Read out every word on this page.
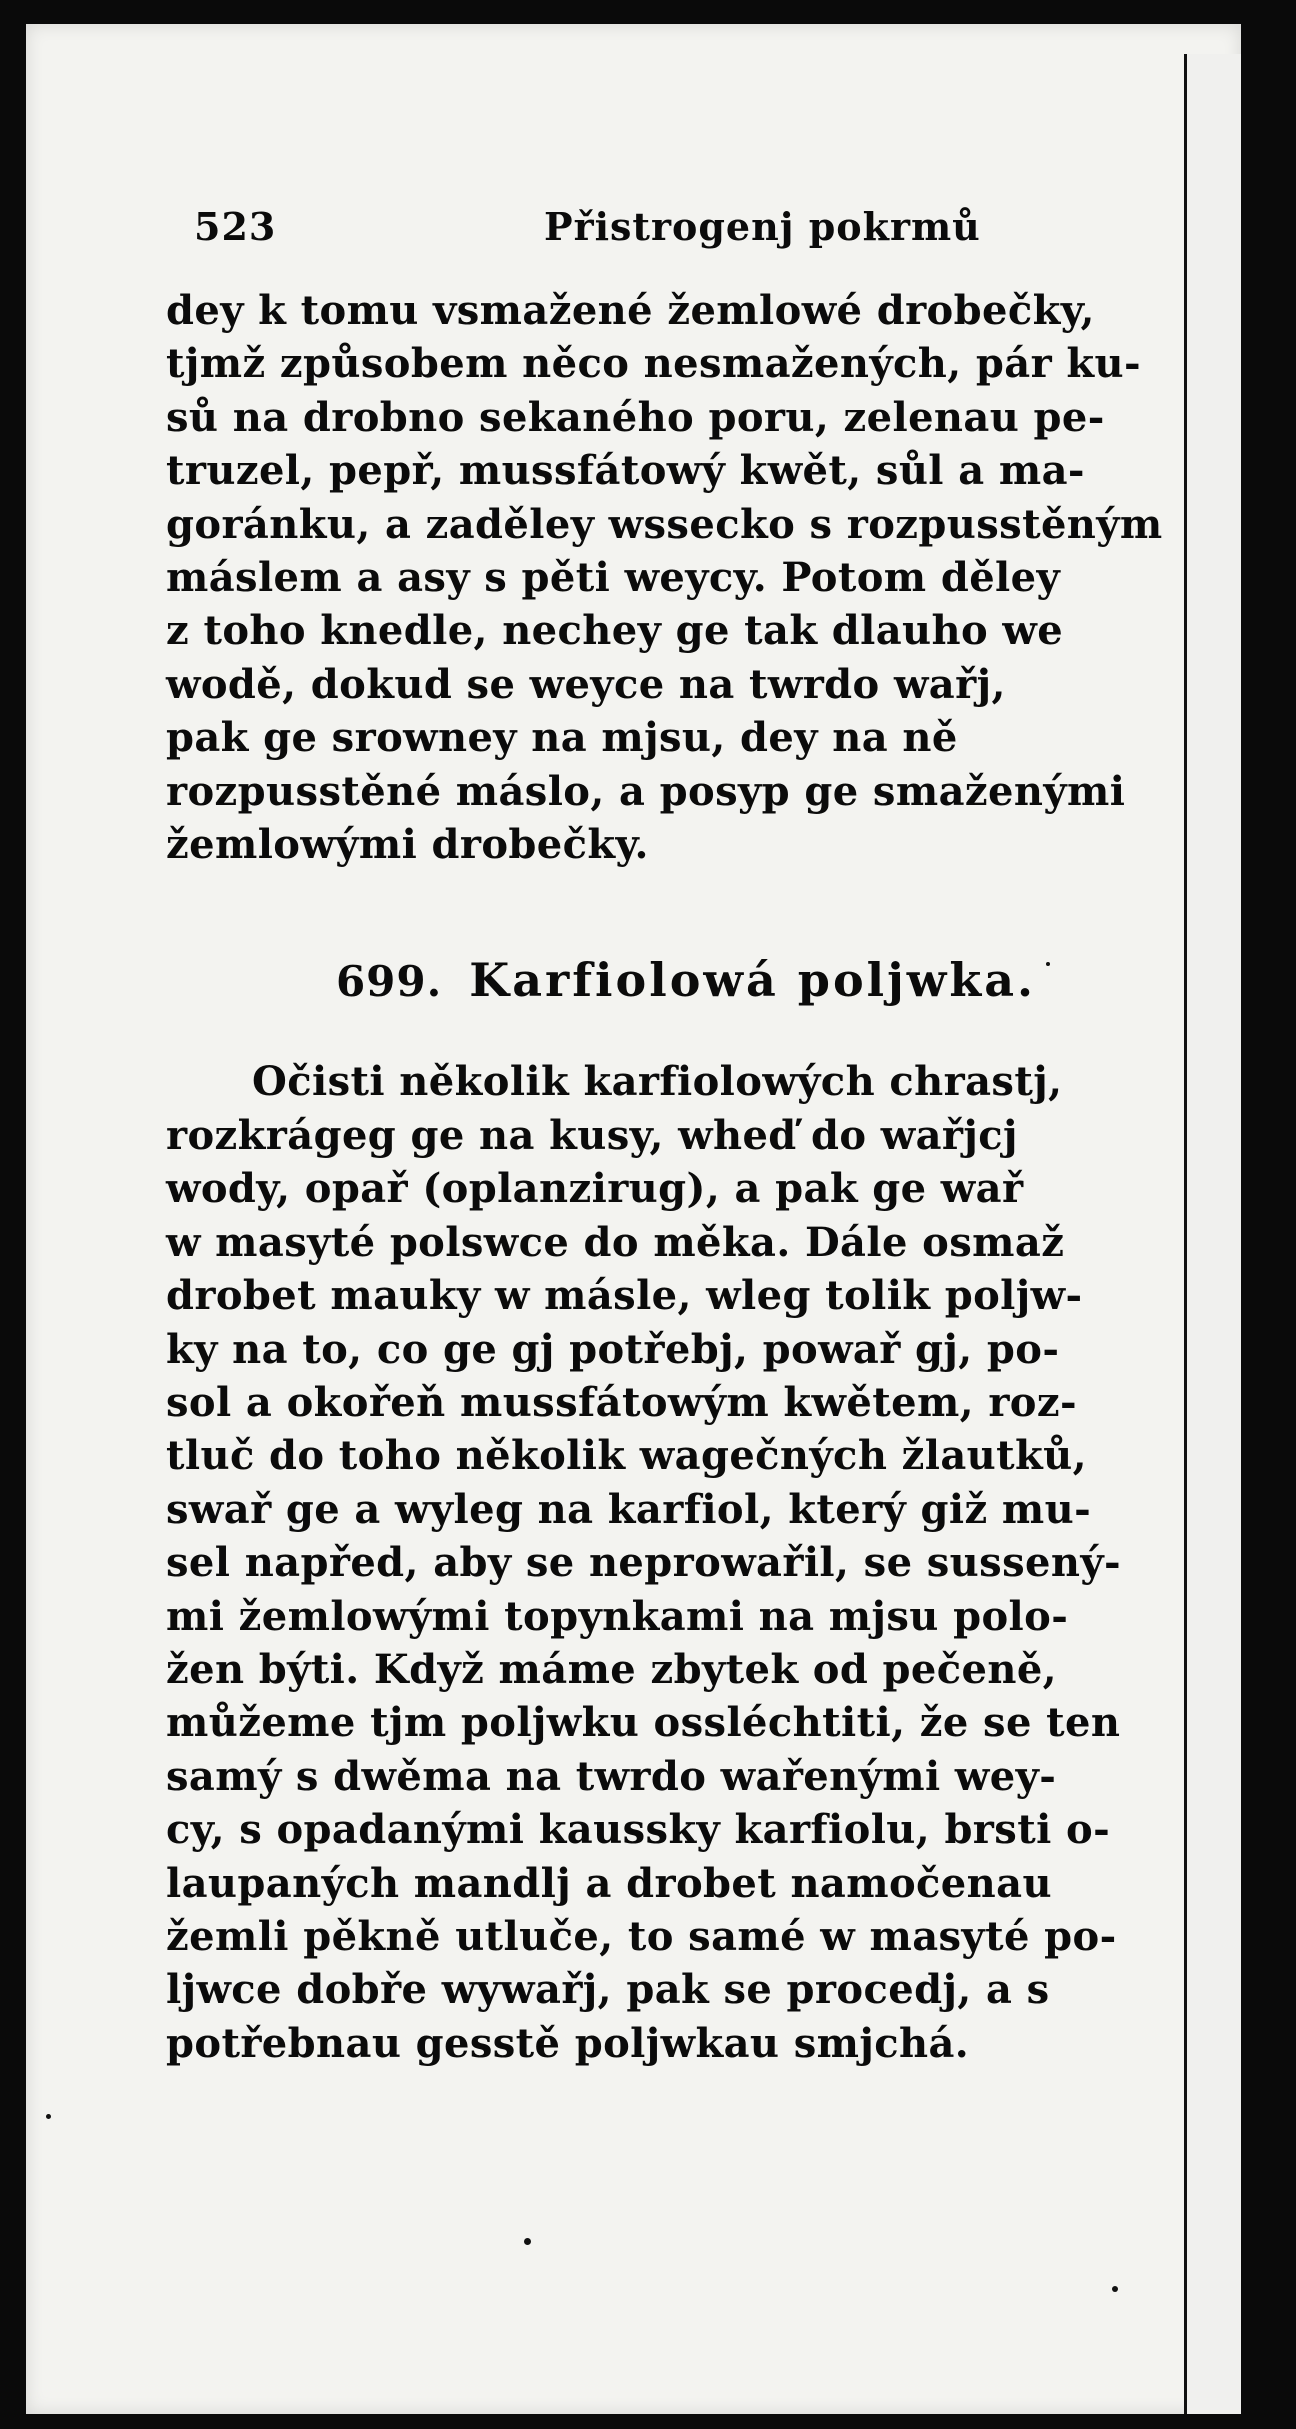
523	Přistrogenj pokrmů

dey k tomu vsmažené žemlowé drobečky,
tjmž způsobem něco nesmažených, pár ku-
sů na drobno sekaného poru, zelenau pe-
truzel, pepř, mussfátowý kwět, sůl a ma-
goránku, a zaděley wssecko s rozpusstěným
máslem a asy s pěti weycy. Potom děley
z toho knedle, nechey ge tak dlauho we
wodě, dokud se weyce na twrdo wařj,
pak ge srowney na mjsu, dey na ně
rozpusstěné máslo, a posyp ge smaženými
žemlowými drobečky.

699. Karfiolowá poljwka.

Očisti několik karfiolowých chrastj,
rozkrágeg ge na kusy, wheď do wařjcj
wody, opař (oplanzirug), a pak ge wař
w masyté polswce do měka. Dále osmaž
drobet mauky w másle, wleg tolik poljw-
ky na to, co ge gj potřebj, powař gj, po-
sol a okořeň mussfátowým kwětem, roz-
tluč do toho několik wagečných žlautků,
swař ge a wyleg na karfiol, který giž mu-
sel napřed, aby se neprowařil, se sussený-
mi žemlowými topynkami na mjsu polo-
žen býti. Když máme zbytek od pečeně,
můžeme tjm poljwku ossléchtiti, že se ten
samý s dwěma na twrdo wařenými wey-
cy, s opadanými kaussky karfiolu, brsti o-
laupaných mandlj a drobet namočenau
žemli pěkně utluče, to samé w masyté po-
ljwce dobře wywařj, pak se procedj, a s
potřebnau gesstě poljwkau smjchá.
